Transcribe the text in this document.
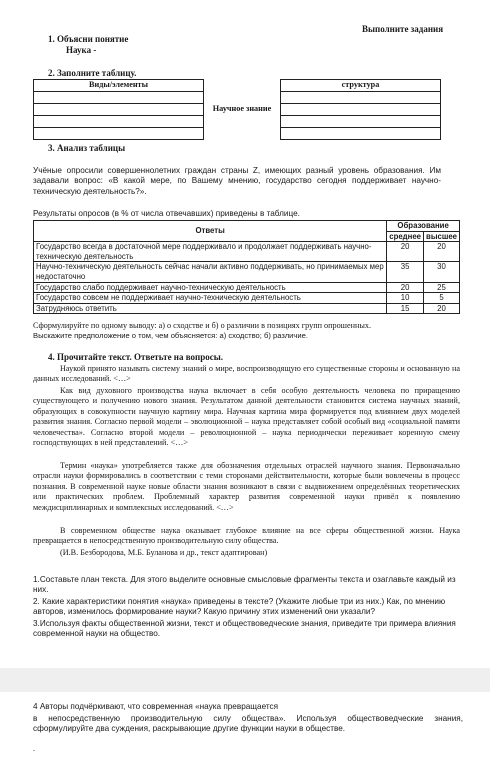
Выполните задания
1. Объясни понятие
Наука -
2. Заполните таблицу.
Виды/элементы		структура

	Научное знание	

3. Анализ таблицы
Учёные опросили совершеннолетних граждан страны Z, имеющих разный уровень образования. Им задавали вопрос: «В какой мере, по Вашему мнению, государство сегодня поддерживает научно-техническую деятельность?».
Результаты опросов (в % от числа отвечавших) приведены в таблице.
Ответы	Образование	
	среднее	высшее
Государство всегда в достаточной мере поддерживало и продолжает поддерживать научно-техническую деятельность	20	20
Научно-техническую деятельность сейчас начали активно поддерживать, но принимаемых мер недостаточно	35	30
Государство слабо поддерживает научно-техническую деятельность	20	25
Государство совсем не поддерживает научно-техническую деятельность	10	5
Затрудняюсь ответить	15	20
Сформулируйте по одному выводу: а) о сходстве и б) о различии в позициях групп опрошенных.
Выскажите предположение о том, чем объясняется: а) сходство; б) различие.
4. Прочитайте текст. Ответьте на вопросы.
Наукой принято называть систему знаний о мире, воспроизводящую его существенные стороны и основанную на данных исследований. <…>
Как вид духовного производства наука включает в себя особую деятельность человека по приращению существующего и получению нового знания. Результатом данной деятельности становится система научных знаний, образующих в совокупности научную картину мира. Научная картина мира формируется под влиянием двух моделей развития знания. Согласно первой модели – эволюционной – наука представляет собой особый вид «социальной памяти человечества». Согласно второй модели – революционной – наука периодически переживает коренную смену господствующих в ней представлений. <…>
Термин «наука» употребляется также для обозначения отдельных отраслей научного знания. Первоначально отрасли науки формировались в соответствии с теми сторонами действительности, которые были вовлечены в процесс познания. В современной науке новые области знания возникают в связи с выдвижением определённых теоретических или практических проблем. Проблемный характер развития современной науки привёл к появлению междисциплинарных и комплексных исследований. <…>
В современном обществе наука оказывает глубокое влияние на все сферы общественной жизни. Наука превращается в непосредственную производительную силу общества.
(И.В. Безбородова, М.Б. Буланова и др., текст адаптирован)
1.Составьте план текста. Для этого выделите основные смысловые фрагменты текста и озаглавьте каждый из них.
2. Какие характеристики понятия «наука» приведены в тексте? (Укажите любые три из них.) Как, по мнению авторов, изменилось формирование науки? Какую причину этих изменений они указали?
3.Используя факты общественной жизни, текст и обществоведческие знания, приведите три примера влияния современной науки на общество.
4 Авторы подчёркивают, что современная «наука превращается
в непосредственную производительную силу общества». Используя обществоведческие знания, сформулируйте два суждения, раскрывающие другие функции науки в обществе.
.
